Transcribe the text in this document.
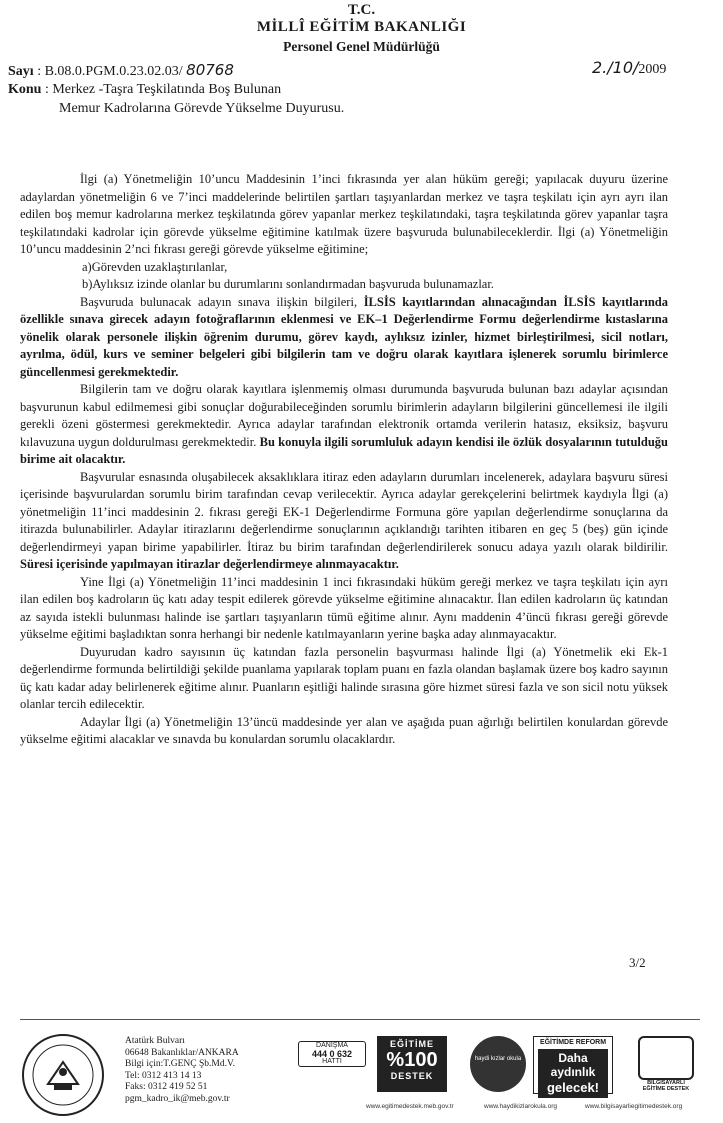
T.C.
MİLLÎ EĞİTİM BAKANLIĞI
Personel Genel Müdürlüğü
Sayı : B.08.0.PGM.0.23.02.03/ 80768	2./10/2009
Konu : Merkez -Taşra Teşkilatında Boş Bulunan
Memur Kadrolarına Görevde Yükselme Duyurusu.

İlgi (a) Yönetmeliğin 10’uncu Maddesinin 1’inci fıkrasında yer alan hüküm gereği; yapılacak duyuru üzerine adaylardan yönetmeliğin 6 ve 7’inci maddelerinde belirtilen şartları taşıyanlardan merkez ve taşra teşkilatı için ayrı ayrı ilan edilen boş memur kadrolarına merkez teşkilatında görev yapanlar merkez teşkilatındaki, taşra teşkilatında görev yapanlar taşra teşkilatındaki kadrolar için görevde yükselme eğitimine katılmak üzere başvuruda bulunabileceklerdir. İlgi (a) Yönetmeliğin 10’uncu maddesinin 2’nci fıkrası gereği görevde yükselme eğitimine;

a)Görevden uzaklaştırılanlar,

b)Aylıksız izinde olanlar bu durumlarını sonlandırmadan başvuruda bulunamazlar.

Başvuruda bulunacak adayın sınava ilişkin bilgileri, İLSİS kayıtlarından alınacağından İLSİS kayıtlarında özellikle sınava girecek adayın fotoğraflarının eklenmesi ve EK–1 Değerlendirme Formu değerlendirme kıstaslarına yönelik olarak personele ilişkin öğrenim durumu, görev kaydı, aylıksız izinler, hizmet birleştirilmesi, sicil notları, ayrılma, ödül, kurs ve seminer belgeleri gibi bilgilerin tam ve doğru olarak kayıtlara işlenerek sorumlu birimlerce güncellenmesi gerekmektedir.

Bilgilerin tam ve doğru olarak kayıtlara işlenmemiş olması durumunda başvuruda bulunan bazı adaylar açısından başvurunun kabul edilmemesi gibi sonuçlar doğurabileceğinden sorumlu birimlerin adayların bilgilerini güncellemesi ile ilgili gerekli özeni göstermesi gerekmektedir. Ayrıca adaylar tarafından elektronik ortamda verilerin hatasız, eksiksiz, başvuru kılavuzuna uygun doldurulması gerekmektedir. Bu konuyla ilgili sorumluluk adayın kendisi ile özlük dosyalarının tutulduğu birime ait olacaktır.

Başvurular esnasında oluşabilecek aksaklıklara itiraz eden adayların durumları incelenerek, adaylara başvuru süresi içerisinde başvurulardan sorumlu birim tarafından cevap verilecektir. Ayrıca adaylar gerekçelerini belirtmek kaydıyla İlgi (a) yönetmeliğin 11’inci maddesinin 2. fıkrası gereği EK-1 Değerlendirme Formuna göre yapılan değerlendirme sonuçlarına da itirazda bulunabilirler. Adaylar itirazlarını değerlendirme sonuçlarının açıklandığı tarihten itibaren en geç 5 (beş) gün içinde değerlendirmeyi yapan birime yapabilirler. İtiraz bu birim tarafından değerlendirilerek sonucu adaya yazılı olarak bildirilir. Süresi içerisinde yapılmayan itirazlar değerlendirmeye alınmayacaktır.

Yine İlgi (a) Yönetmeliğin 11’inci maddesinin 1 inci fıkrasındaki hüküm gereği merkez ve taşra teşkilatı için ayrı ilan edilen boş kadroların üç katı aday tespit edilerek görevde yükselme eğitimine alınacaktır. İlan edilen kadroların üç katından az sayıda istekli bulunması halinde ise şartları taşıyanların tümü eğitime alınır. Aynı maddenin 4’üncü fıkrası gereği görevde yükselme eğitimi başladıktan sonra herhangi bir nedenle katılmayanların yerine başka aday alınmayacaktır.

Duyurudan kadro sayısının üç katından fazla personelin başvurması halinde İlgi (a) Yönetmelik eki Ek-1 değerlendirme formunda belirtildiği şekilde puanlama yapılarak toplam puanı en fazla olandan başlamak üzere boş kadro sayının üç katı kadar aday belirlenerek eğitime alınır. Puanların eşitliği halinde sırasına göre hizmet süresi fazla ve son sicil notu yüksek olanlar tercih edilecektir.

Adaylar İlgi (a) Yönetmeliğin 13’üncü maddesinde yer alan ve aşağıda puan ağırlığı belirtilen konulardan görevde yükselme eğitimi alacaklar ve sınavda bu konulardan sorumlu olacaklardır.

3/2
Atatürk Bulvarı
06648 Bakanlıklar/ANKARA
Bilgi için:T.GENÇ Şb.Md.V.
Tel: 0312 413 14 13
Faks: 0312 419 52 51
pgm_kadro_ik@meb.gov.tr
DANIŞMA
444 0 632
HATTI
EĞİTİME
%100
DESTEK
haydi kızlar okula
EĞİTİMDE REFORM
Daha aydınlık
gelecek!	BİLGİSAYARLI EĞİTİME DESTEK
www.egitimedestek.meb.gov.tr	www.haydikizlarokula.org	www.bilgisayarliegitimedestek.org
